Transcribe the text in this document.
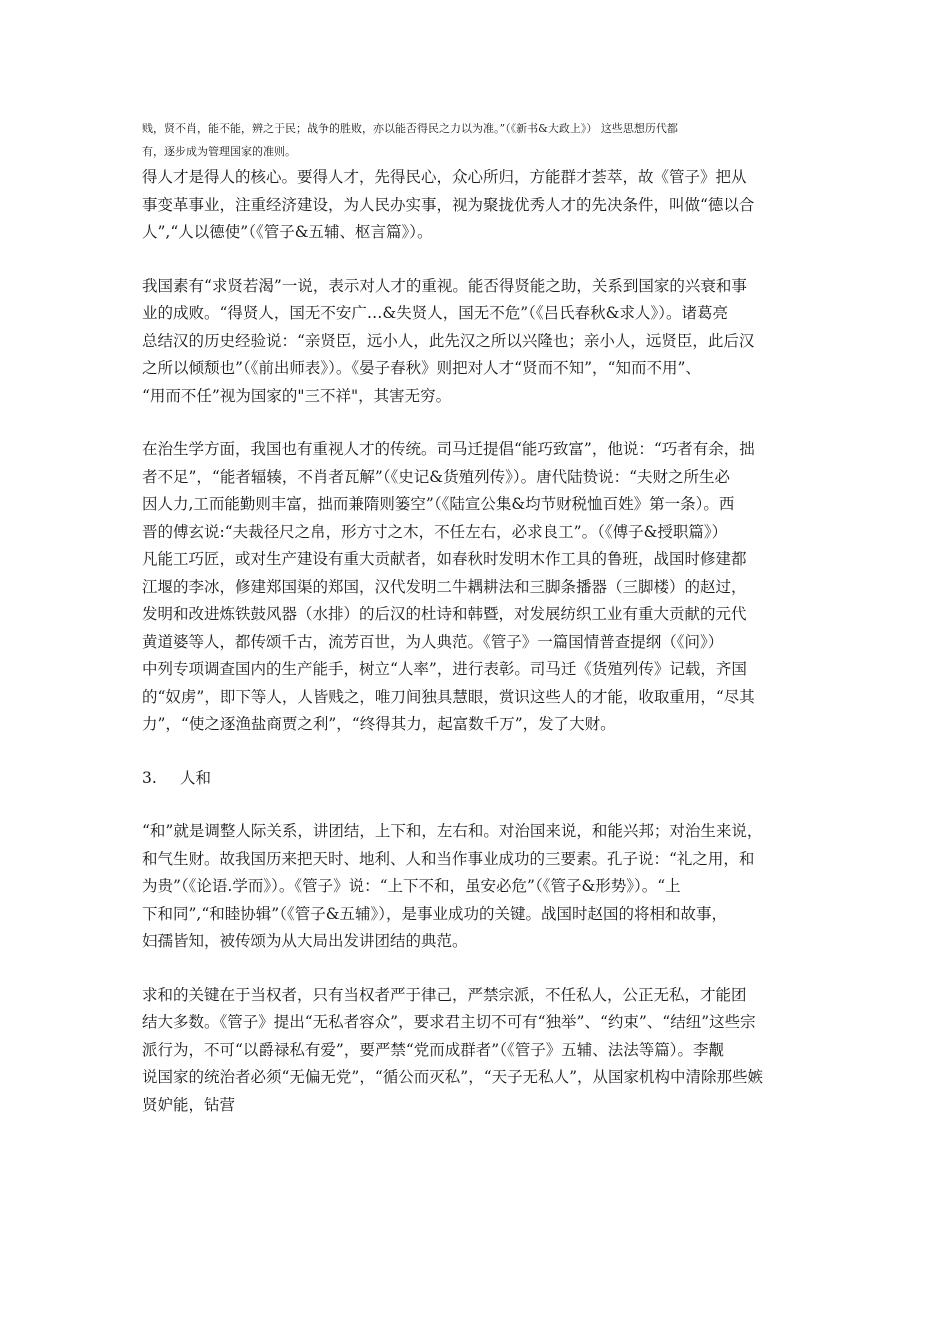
贱，贤不肖，能不能，辨之于民；战争的胜败，亦以能否得民之力以为准。”（《新书&大政上》） 这些思想历代都

有，逐步成为管理国家的准则。

得人才是得人的核心。要得人才，先得民心，众心所归，方能群才荟萃，故《管子》把从

事变革事业，注重经济建设，为人民办实事，视为聚拢优秀人才的先决条件，叫做“德以合

人”,“人以德使”（《管子&五辅、枢言篇》）。

我国素有“求贤若渴”一说，表示对人才的重视。能否得贤能之助，关系到国家的兴衰和事

业的成败。“得贤人，国无不安广…&失贤人，国无不危”（《吕氏春秋&求人》）。诸葛亮

总结汉的历史经验说：“亲贤臣，远小人，此先汉之所以兴隆也；亲小人，远贤臣，此后汉

之所以倾颓也”（《前出师表》）。《晏子春秋》则把对人才“贤而不知”，“知而不用”、

“用而不任”视为国家的"三不祥"，其害无穷。

在治生学方面，我国也有重视人才的传统。司马迁提倡“能巧致富”，他说：“巧者有余，拙

者不足”，“能者辐辏，不肖者瓦解”（《史记&货殖列传》）。唐代陆贽说：“夫财之所生必

因人力,工而能勤则丰富，拙而兼隋则篓空”（《陆宣公集&均节财税恤百姓》第一条）。西

晋的傅玄说:“夫裁径尺之帛，形方寸之木，不任左右，必求良工”。（《傅子&授职篇》）

凡能工巧匠，或对生产建设有重大贡献者，如春秋时发明木作工具的鲁班，战国时修建都

江堰的李冰，修建郑国渠的郑国，汉代发明二牛耦耕法和三脚条播器（三脚楼）的赵过，

发明和改进炼铁鼓风器（水排）的后汉的杜诗和韩暨，对发展纺织工业有重大贡献的元代

黄道婆等人，都传颂千古，流芳百世，为人典范。《管子》一篇国情普查提纲（《问》）

中列专项调查国内的生产能手，树立“人率”，进行表彰。司马迁《货殖列传》记载，齐国

的“奴虏”，即下等人，人皆贱之，唯刀间独具慧眼，赏识这些人的才能，收取重用，“尽其

力”，“使之逐渔盐商贾之利”，“终得其力，起富数千万”，发了大财。

3. 人和

“和”就是调整人际关系，讲团结，上下和，左右和。对治国来说，和能兴邦；对治生来说，

和气生财。故我国历来把天时、地利、人和当作事业成功的三要素。孔子说：“礼之用，和

为贵”（《论语.学而》）。《管子》说：“上下不和，虽安必危”（《管子&形势》）。“上

下和同”,“和睦协辑”（《管子&五辅》），是事业成功的关键。战国时赵国的将相和故事，

妇孺皆知，被传颂为从大局出发讲团结的典范。

求和的关键在于当权者，只有当权者严于律己，严禁宗派，不任私人，公正无私，才能团

结大多数。《管子》提出“无私者容众”，要求君主切不可有“独举”、“约束”、“结纽”这些宗

派行为，不可“以爵禄私有爱”，要严禁“党而成群者”（《管子》五辅、法法等篇）。李觏

说国家的统治者必须“无偏无党”，“循公而灭私”，“天子无私人”，从国家机构中清除那些嫉

贤妒能，钻营
